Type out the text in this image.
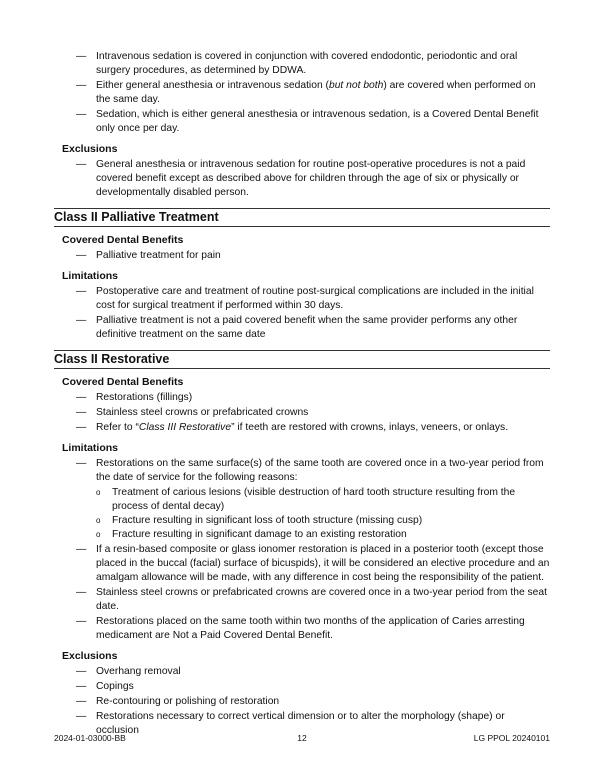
— Intravenous sedation is covered in conjunction with covered endodontic, periodontic and oral surgery procedures, as determined by DDWA.
— Either general anesthesia or intravenous sedation (but not both) are covered when performed on the same day.
— Sedation, which is either general anesthesia or intravenous sedation, is a Covered Dental Benefit only once per day.
Exclusions
— General anesthesia or intravenous sedation for routine post-operative procedures is not a paid covered benefit except as described above for children through the age of six or physically or developmentally disabled person.
Class II Palliative Treatment
Covered Dental Benefits
— Palliative treatment for pain
Limitations
— Postoperative care and treatment of routine post-surgical complications are included in the initial cost for surgical treatment if performed within 30 days.
— Palliative treatment is not a paid covered benefit when the same provider performs any other definitive treatment on the same date
Class II Restorative
Covered Dental Benefits
— Restorations (fillings)
— Stainless steel crowns or prefabricated crowns
— Refer to “Class III Restorative” if teeth are restored with crowns, inlays, veneers, or onlays.
Limitations
— Restorations on the same surface(s) of the same tooth are covered once in a two-year period from the date of service for the following reasons:
o Treatment of carious lesions (visible destruction of hard tooth structure resulting from the process of dental decay)
o Fracture resulting in significant loss of tooth structure (missing cusp)
o Fracture resulting in significant damage to an existing restoration
— If a resin-based composite or glass ionomer restoration is placed in a posterior tooth (except those placed in the buccal (facial) surface of bicuspids), it will be considered an elective procedure and an amalgam allowance will be made, with any difference in cost being the responsibility of the patient.
— Stainless steel crowns or prefabricated crowns are covered once in a two-year period from the seat date.
— Restorations placed on the same tooth within two months of the application of Caries arresting medicament are Not a Paid Covered Dental Benefit.
Exclusions
— Overhang removal
— Copings
— Re-contouring or polishing of restoration
— Restorations necessary to correct vertical dimension or to alter the morphology (shape) or occlusion
2024-01-03000-BB	12	LG PPOL 20240101
